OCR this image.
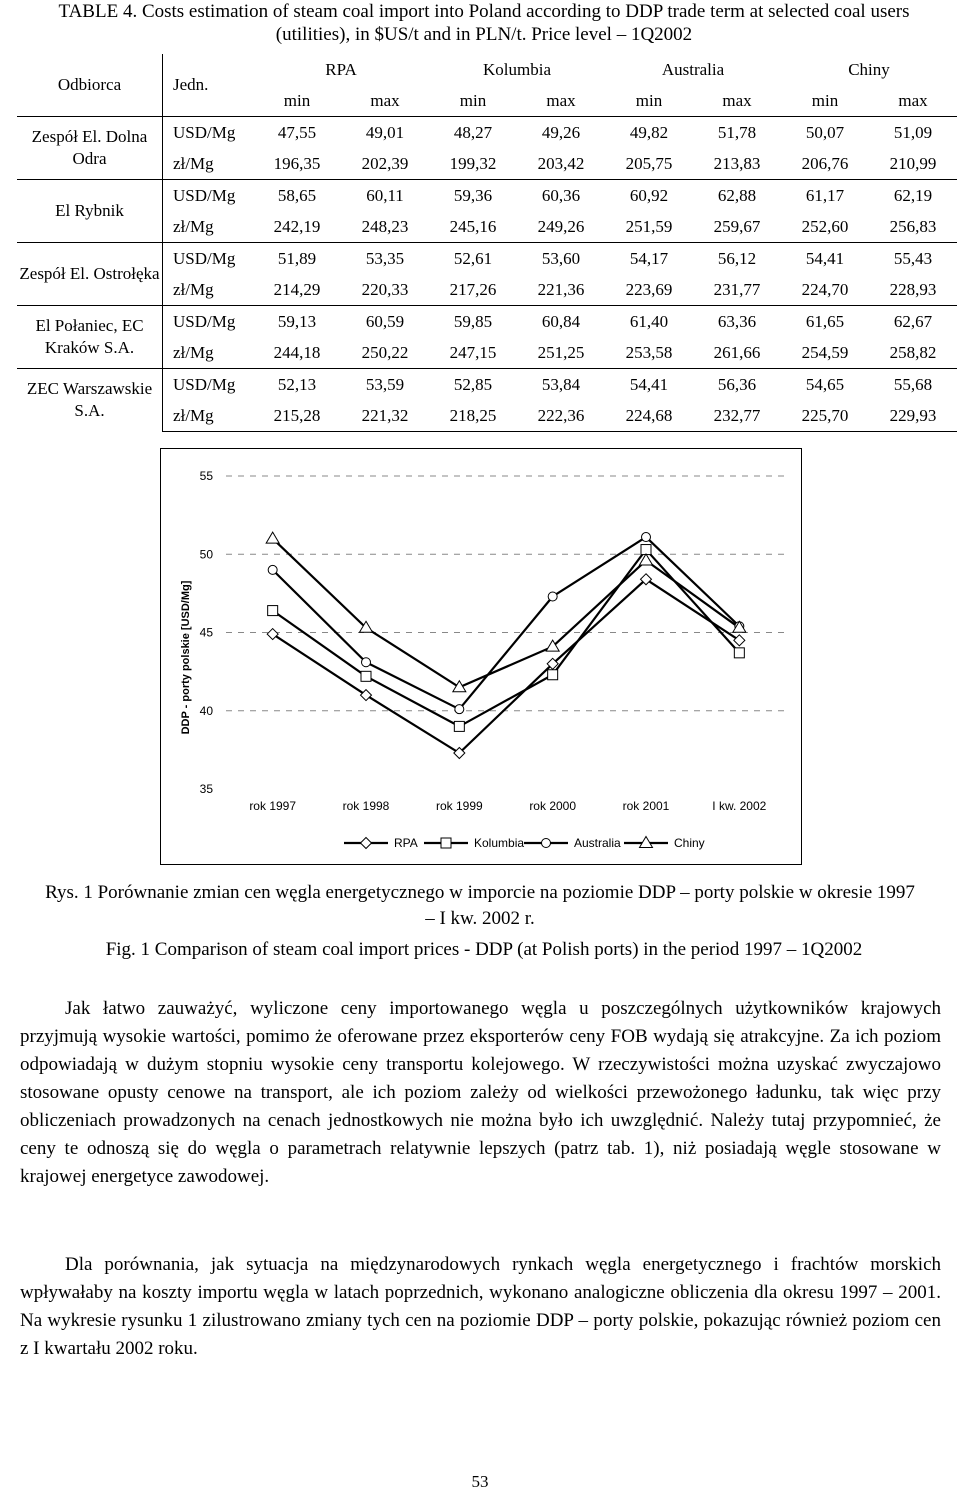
TABLE 4. Costs estimation of steam coal import into Poland according to DDP trade term at selected coal users (utilities), in $US/t and in PLN/t. Price level – 1Q2002
Odbiorca	Jedn.	RPA		Kolumbia		Australia		Chiny	
		min	max	min	max	min	max	min	max
Zespół El. Dolna Odra	USD/Mg	47,55	49,01	48,27	49,26	49,82	51,78	50,07	51,09
	zł/Mg	196,35	202,39	199,32	203,42	205,75	213,83	206,76	210,99
El Rybnik	USD/Mg	58,65	60,11	59,36	60,36	60,92	62,88	61,17	62,19
	zł/Mg	242,19	248,23	245,16	249,26	251,59	259,67	252,60	256,83
Zespół El. Ostrołęka	USD/Mg	51,89	53,35	52,61	53,60	54,17	56,12	54,41	55,43
	zł/Mg	214,29	220,33	217,26	221,36	223,69	231,77	224,70	228,93
El Połaniec, EC Kraków S.A.	USD/Mg	59,13	60,59	59,85	60,84	61,40	63,36	61,65	62,67
	zł/Mg	244,18	250,22	247,15	251,25	253,58	261,66	254,59	258,82
ZEC Warszawskie S.A.	USD/Mg	52,13	53,59	52,85	53,84	54,41	56,36	54,65	55,68
	zł/Mg	215,28	221,32	218,25	222,36	224,68	232,77	225,70	229,93
35
40
45
50
55
DDP - porty polskie [USD/Mg]
rok 1997	rok 1998	rok 1999	rok 2000	rok 2001	I kw. 2002
RPA	Kolumbia	Australia	Chiny
Rys. 1 Porównanie zmian cen węgla energetycznego w imporcie na poziomie DDP – porty polskie w okresie 1997 – I kw. 2002 r.
Fig. 1 Comparison of steam coal import prices - DDP (at Polish ports) in the period 1997 – 1Q2002

Jak łatwo zauważyć, wyliczone ceny importowanego węgla u poszczególnych użytkowników krajowych przyjmują wysokie wartości, pomimo że oferowane przez eksporterów ceny FOB wydają się atrakcyjne. Za ich poziom odpowiadają w dużym stopniu wysokie ceny transportu kolejowego. W rzeczywistości można uzyskać zwyczajowo stosowane opusty cenowe na transport, ale ich poziom zależy od wielkości przewożonego ładunku, tak więc przy obliczeniach prowadzonych na cenach jednostkowych nie można było ich uwzględnić. Należy tutaj przypomnieć, że ceny te odnoszą się do węgla o parametrach relatywnie lepszych (patrz tab. 1), niż posiadają węgle stosowane w krajowej energetyce zawodowej.

Dla porównania, jak sytuacja na międzynarodowych rynkach węgla energetycznego i frachtów morskich wpływałaby na koszty importu węgla w latach poprzednich, wykonano analogiczne obliczenia dla okresu 1997 – 2001. Na wykresie rysunku 1 zilustrowano zmiany tych cen na poziomie DDP – porty polskie, pokazując również poziom cen z I kwartału 2002 roku.

53
